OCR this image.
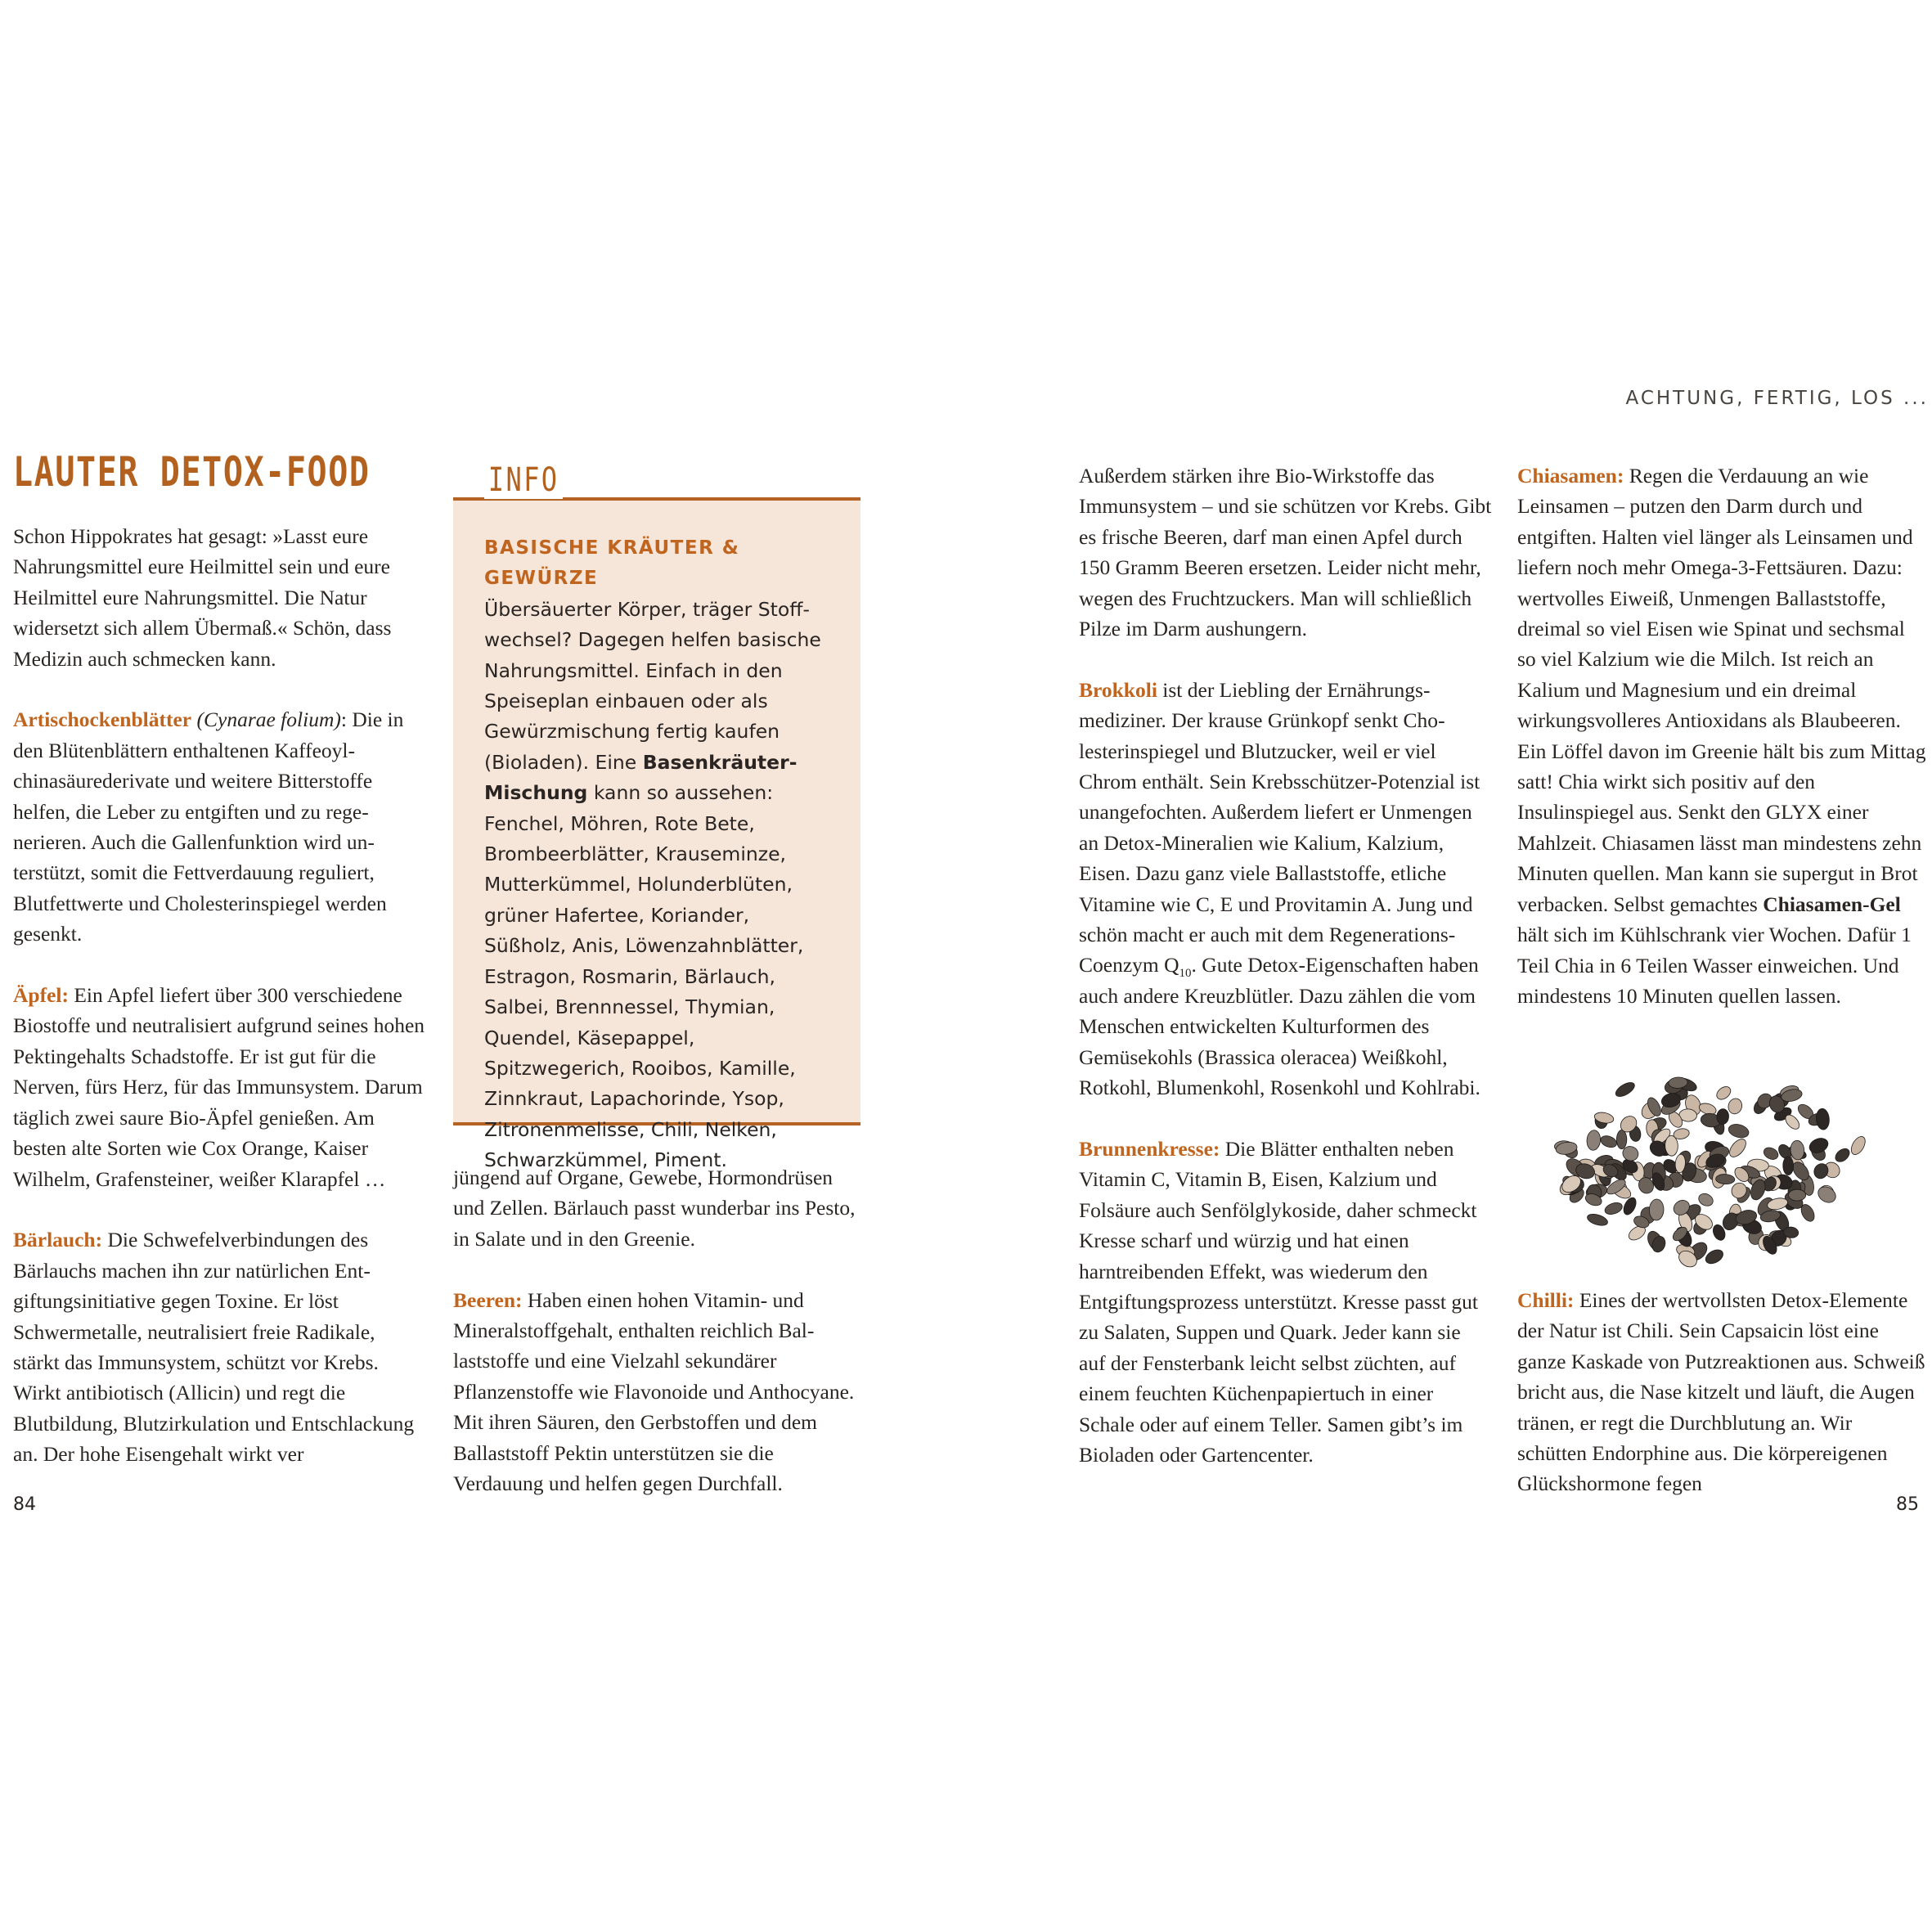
ACHTUNG, FERTIG, LOS ...
LAUTER DETOX-FOOD

Schon Hippokrates hat gesagt: »Lasst eure Nahrungsmittel eure Heilmittel sein und eure Heilmittel eure Nahrungsmittel. Die Natur widersetzt sich allem Übermaß.« Schön, dass Medizin auch schmecken kann.

Artischockenblätter (Cynarae folium): Die in den Blütenblättern enthaltenen Kaffeoylchinasäurederivate und weitere Bitterstoffe helfen, die Leber zu entgiften und zu regenerieren. Auch die Gallenfunktion wird unterstützt, somit die Fettverdauung reguliert, Blutfettwerte und Cholesterinspiegel werden gesenkt.

Äpfel: Ein Apfel liefert über 300 verschiedene Biostoffe und neutralisiert aufgrund seines hohen Pektingehalts Schadstoffe. Er ist gut für die Nerven, fürs Herz, für das Immunsystem. Darum täglich zwei saure Bio-Äpfel genießen. Am besten alte Sorten wie Cox Orange, Kaiser Wilhelm, Grafensteiner, weißer Klarapfel …

Bärlauch: Die Schwefelverbindungen des Bärlauchs machen ihn zur natürlichen Entgiftungsinitiative gegen Toxine. Er löst Schwermetalle, neutralisiert freie Radikale, stärkt das Immunsystem, schützt vor Krebs. Wirkt antibiotisch (Allicin) und regt die Blutbildung, Blutzirkulation und Entschlackung an. Der hohe Eisengehalt wirkt ver

INFO
BASISCHE KRÄUTER & GEWÜRZE
Übersäuerter Körper, träger Stoffwechsel? Dagegen helfen basische Nahrungsmittel. Einfach in den Speiseplan einbauen oder als Gewürzmischung fertig kaufen (Bioladen). Eine Basenkräuter-Mischung kann so aussehen: Fenchel, Möhren, Rote Bete, Brombeerblätter, Krauseminze, Mutterkümmel, Holunderblüten, grüner Hafertee, Koriander, Süßholz, Anis, Löwenzahnblätter, Estragon, Rosmarin, Bärlauch, Salbei, Brennnessel, Thymian, Quendel, Käsepappel, Spitzwegerich, Rooibos, Kamille, Zinnkraut, Lapachorinde, Ysop, Zitronenmelisse, Chili, Nelken, Schwarzkümmel, Piment.

jüngend auf Organe, Gewebe, Hormondrüsen und Zellen. Bärlauch passt wunderbar ins Pesto, in Salate und in den Greenie.

Beeren: Haben einen hohen Vitamin- und Mineralstoffgehalt, enthalten reichlich Ballaststoffe und eine Vielzahl sekundärer Pflanzenstoffe wie Flavonoide und Anthocyane. Mit ihren Säuren, den Gerbstoffen und dem Ballaststoff Pektin unterstützen sie die Verdauung und helfen gegen Durchfall.

Außerdem stärken ihre Bio-Wirkstoffe das Immunsystem – und sie schützen vor Krebs. Gibt es frische Beeren, darf man einen Apfel durch 150 Gramm Beeren ersetzen. Leider nicht mehr, wegen des Fruchtzuckers. Man will schließlich Pilze im Darm aushungern.

Brokkoli ist der Liebling der Ernährungsmediziner. Der krause Grünkopf senkt Cholesterinspiegel und Blutzucker, weil er viel Chrom enthält. Sein Krebsschützer-Potenzial ist unangefochten. Außerdem liefert er Unmengen an Detox-Mineralien wie Kalium, Kalzium, Eisen. Dazu ganz viele Ballaststoffe, etliche Vitamine wie C, E und Provitamin A. Jung und schön macht er auch mit dem Regenerations-Coenzym $Q_{10}$. Gute Detox-Eigenschaften haben auch andere Kreuzblütler. Dazu zählen die vom Menschen entwickelten Kulturformen des Gemüsekohls (Brassica oleracea) Weißkohl, Rotkohl, Blumenkohl, Rosenkohl und Kohlrabi.

Brunnenkresse: Die Blätter enthalten neben Vitamin C, Vitamin B, Eisen, Kalzium und Folsäure auch Senfölglykoside, daher schmeckt Kresse scharf und würzig und hat einen harntreibenden Effekt, was wiederum den Entgiftungsprozess unterstützt. Kresse passt gut zu Salaten, Suppen und Quark. Jeder kann sie auf der Fensterbank leicht selbst züchten, auf einem feuchten Küchenpapiertuch in einer Schale oder auf einem Teller. Samen gibt’s im Bioladen oder Gartencenter.

Chiasamen: Regen die Verdauung an wie Leinsamen – putzen den Darm durch und entgiften. Halten viel länger als Leinsamen und liefern noch mehr Omega-3-Fettsäuren. Dazu: wertvolles Eiweiß, Unmengen Ballaststoffe, dreimal so viel Eisen wie Spinat und sechsmal so viel Kalzium wie die Milch. Ist reich an Kalium und Magnesium und ein dreimal wirkungsvolleres Antioxidans als Blaubeeren. Ein Löffel davon im Greenie hält bis zum Mittag satt! Chia wirkt sich positiv auf den Insulinspiegel aus. Senkt den GLYX einer Mahlzeit. Chiasamen lässt man mindestens zehn Minuten quellen. Man kann sie supergut in Brot verbacken. Selbst gemachtes Chiasamen-Gel hält sich im Kühlschrank vier Wochen. Dafür 1 Teil Chia in 6 Teilen Wasser einweichen. Und mindestens 10 Minuten quellen lassen.

Chilli: Eines der wertvollsten Detox-Elemente der Natur ist Chili. Sein Capsaicin löst eine ganze Kaskade von Putzreaktionen aus. Schweiß bricht aus, die Nase kitzelt und läuft, die Augen tränen, er regt die Durchblutung an. Wir schütten Endorphine aus. Die körpereigenen Glückshormone fegen

84	85
